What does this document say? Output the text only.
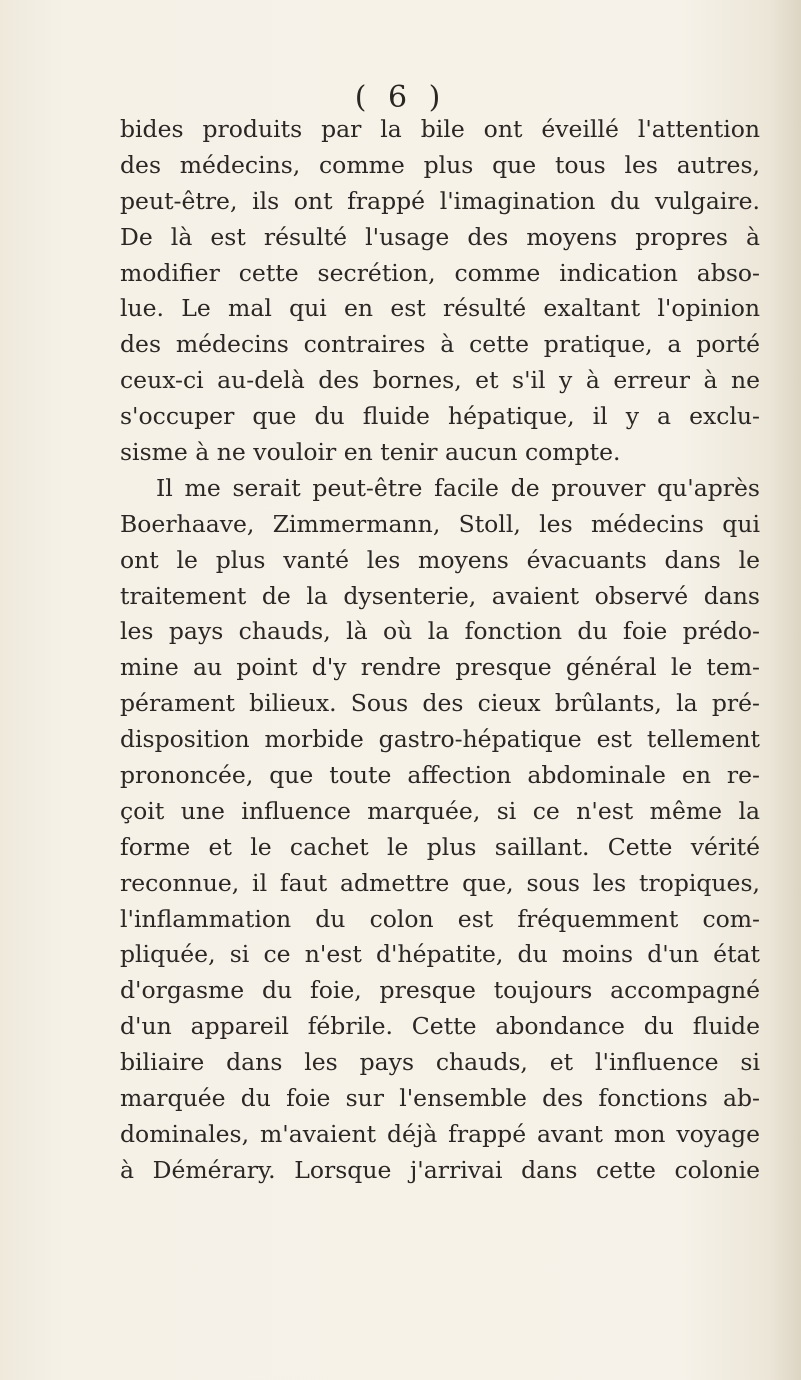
( 6 )
bides produits par la bile ont éveillé l'attention
des médecins, comme plus que tous les autres,
peut-être, ils ont frappé l'imagination du vulgaire.
De là est résulté l'usage des moyens propres à
modifier cette secrétion, comme indication abso-
lue. Le mal qui en est résulté exaltant l'opinion
des médecins contraires à cette pratique, a porté
ceux-ci au-delà des bornes, et s'il y à erreur à ne
s'occuper que du fluide hépatique, il y a exclu-
sisme à ne vouloir en tenir aucun compte.
Il me serait peut-être facile de prouver qu'après
Boerhaave, Zimmermann, Stoll, les médecins qui
ont le plus vanté les moyens évacuants dans le
traitement de la dysenterie, avaient observé dans
les pays chauds, là où la fonction du foie prédo-
mine au point d'y rendre presque général le tem-
pérament bilieux. Sous des cieux brûlants, la pré-
disposition morbide gastro-hépatique est tellement
prononcée, que toute affection abdominale en re-
çoit une influence marquée, si ce n'est même la
forme et le cachet le plus saillant. Cette vérité
reconnue, il faut admettre que, sous les tropiques,
l'inflammation du colon est fréquemment com-
pliquée, si ce n'est d'hépatite, du moins d'un état
d'orgasme du foie, presque toujours accompagné
d'un appareil fébrile. Cette abondance du fluide
biliaire dans les pays chauds, et l'influence si
marquée du foie sur l'ensemble des fonctions ab-
dominales, m'avaient déjà frappé avant mon voyage
à Démérary. Lorsque j'arrivai dans cette colonie
